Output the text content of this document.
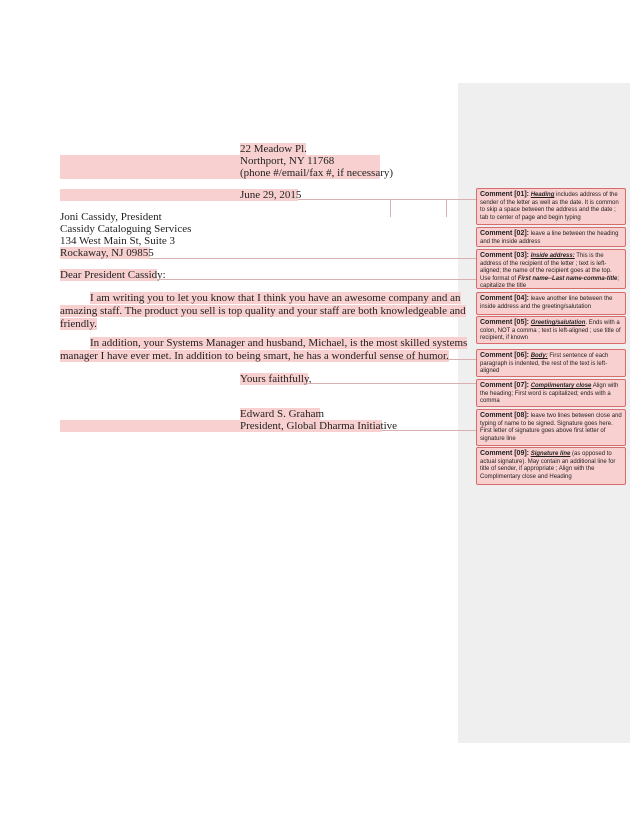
22 Meadow Pl.
Northport, NY 11768
(phone #/email/fax #, if necessary)
June 29, 2015
Joni Cassidy, President
Cassidy Cataloguing Services
134 West Main St, Suite 3
Rockaway, NJ 09855
Dear President Cassidy:
I am writing you to let you know that I think you have an awesome company and an
amazing staff. The product you sell is top quality and your staff are both knowledgeable and
friendly.
In addition, your Systems Manager and husband, Michael, is the most skilled systems
manager I have ever met. In addition to being smart, he has a wonderful sense of humor.
Yours faithfully,
Edward S. Graham
President, Global Dharma Initiative
Comment [01]: Heading includes address of the sender of the letter as well as the date. It is common to skip a space between the address and the date ; tab to center of page and begin typing
Comment [02]: leave a line between the heading and the inside address
Comment [03]: Inside address: This is the address of the recipient of the letter ; text is left-aligned; the name of the recipient goes at the top. Use format of First name--Last name-comma-title; capitalize the title
Comment [04]: leave another line between the inside address and the greeting/salutation
Comment [05]: Greeting/salutation. Ends with a colon, NOT a comma ; text is left-aligned ; use title of recipient, if known
Comment [06]: Body: First sentence of each paragraph is indented, the rest of the text is left-aligned
Comment [07]: Complimentary close Align with the heading; First word is capitalized; ends with a comma
Comment [08]: leave two lines between close and typing of name to be signed. Signature goes here. First letter of signature goes above first letter of signature line
Comment [09]: Signature line (as opposed to actual signature). May contain an additional line for title of sender, if appropriate ; Align with the Complimentary close and Heading
